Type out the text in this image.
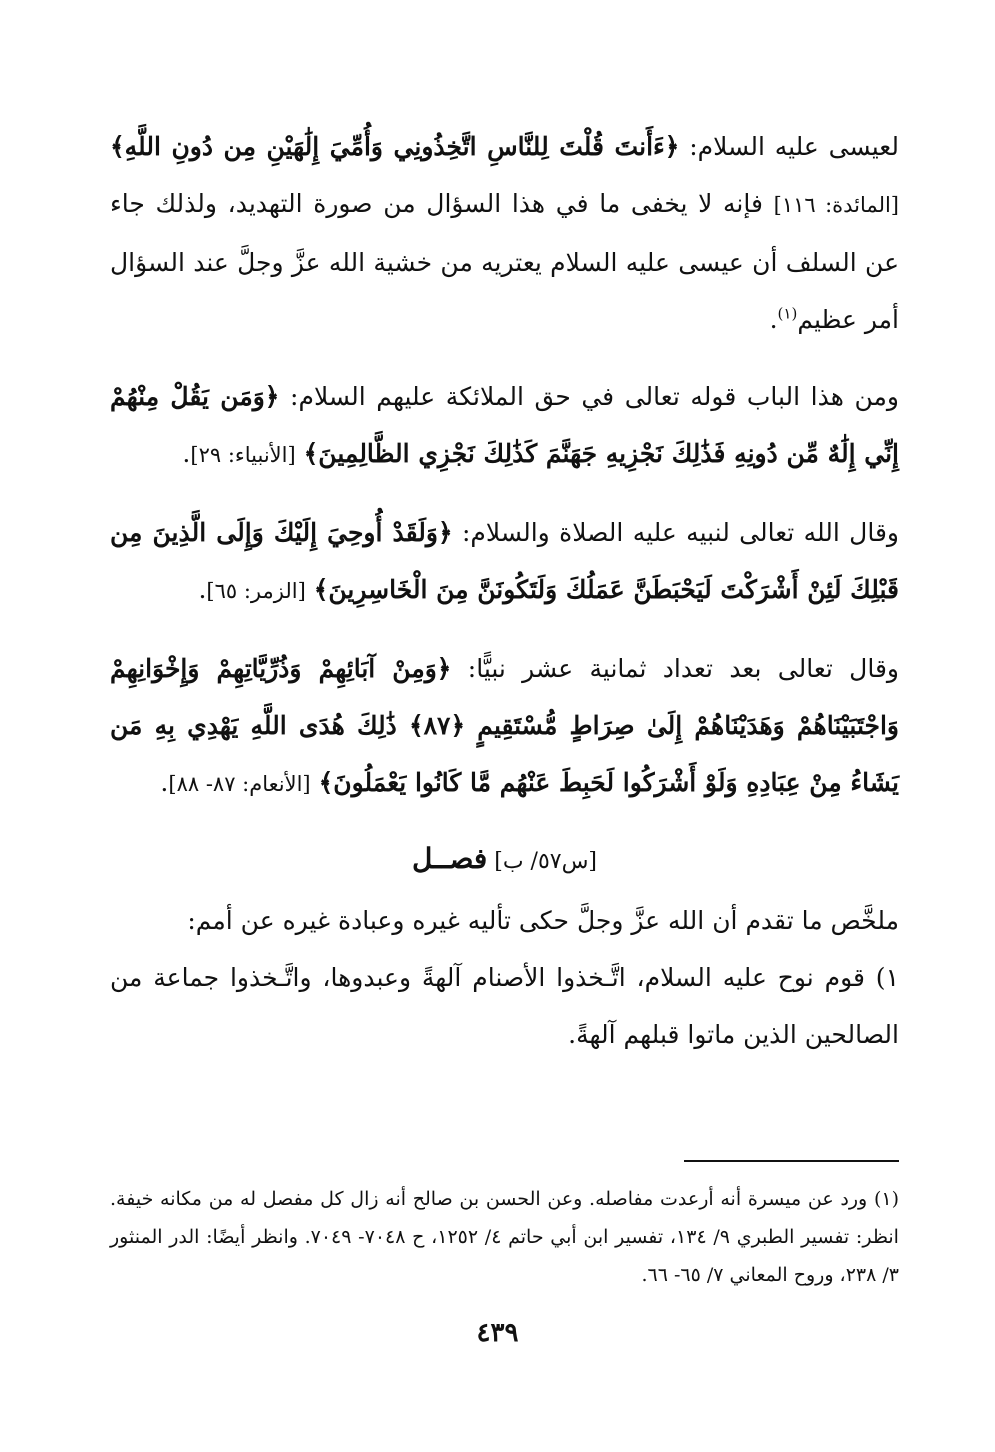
لعيسى عليه السلام: ﴿ءَأَنتَ قُلْتَ لِلنَّاسِ اتَّخِذُونِي وَأُمِّيَ إِلَٰهَيْنِ مِن دُونِ اللَّهِ﴾ [المائدة: ١١٦] فإنه لا يخفى ما في هذا السؤال من صورة التهديد، ولذلك جاء عن السلف أن عيسى عليه السلام يعتريه من خشية الله عزَّ وجلَّ عند السؤال أمر عظيم$^{(١)}$.

ومن هذا الباب قوله تعالى في حق الملائكة عليهم السلام: ﴿وَمَن يَقُلْ مِنْهُمْ إِنِّي إِلَٰهٌ مِّن دُونِهِ فَذَٰلِكَ نَجْزِيهِ جَهَنَّمَ كَذَٰلِكَ نَجْزِي الظَّالِمِينَ﴾ [الأنبياء: ٢٩].

وقال الله تعالى لنبيه عليه الصلاة والسلام: ﴿وَلَقَدْ أُوحِيَ إِلَيْكَ وَإِلَى الَّذِينَ مِن قَبْلِكَ لَئِنْ أَشْرَكْتَ لَيَحْبَطَنَّ عَمَلُكَ وَلَتَكُونَنَّ مِنَ الْخَاسِرِينَ﴾ [الزمر: ٦٥].

وقال تعالى بعد تعداد ثمانية عشر نبيًّا: ﴿وَمِنْ آبَائِهِمْ وَذُرِّيَّاتِهِمْ وَإِخْوَانِهِمْ وَاجْتَبَيْنَاهُمْ وَهَدَيْنَاهُمْ إِلَىٰ صِرَاطٍ مُّسْتَقِيمٍ ﴿٨٧﴾ ذَٰلِكَ هُدَى اللَّهِ يَهْدِي بِهِ مَن يَشَاءُ مِنْ عِبَادِهِ وَلَوْ أَشْرَكُوا لَحَبِطَ عَنْهُم مَّا كَانُوا يَعْمَلُونَ﴾ [الأنعام: ٨٧- ٨٨].

[س٥٧/ ب] فصــل

ملخَّص ما تقدم أن الله عزَّ وجلَّ حكى تأليه غيره وعبادة غيره عن أمم:

١) قوم نوح عليه السلام، اتَّـخذوا الأصنام آلهةً وعبدوها، واتَّـخذوا جماعة من الصالحين الذين ماتوا قبلهم آلهةً.

(١) ورد عن ميسرة أنه أرعدت مفاصله. وعن الحسن بن صالح أنه زال كل مفصل له من مكانه خيفة. انظر: تفسير الطبري ٩/ ١٣٤، تفسير ابن أبي حاتم ٤/ ١٢٥٢، ح ٧٠٤٨- ٧٠٤٩. وانظر أيضًا: الدر المنثور ٣/ ٢٣٨، وروح المعاني ٧/ ٦٥- ٦٦.

٤٣٩
